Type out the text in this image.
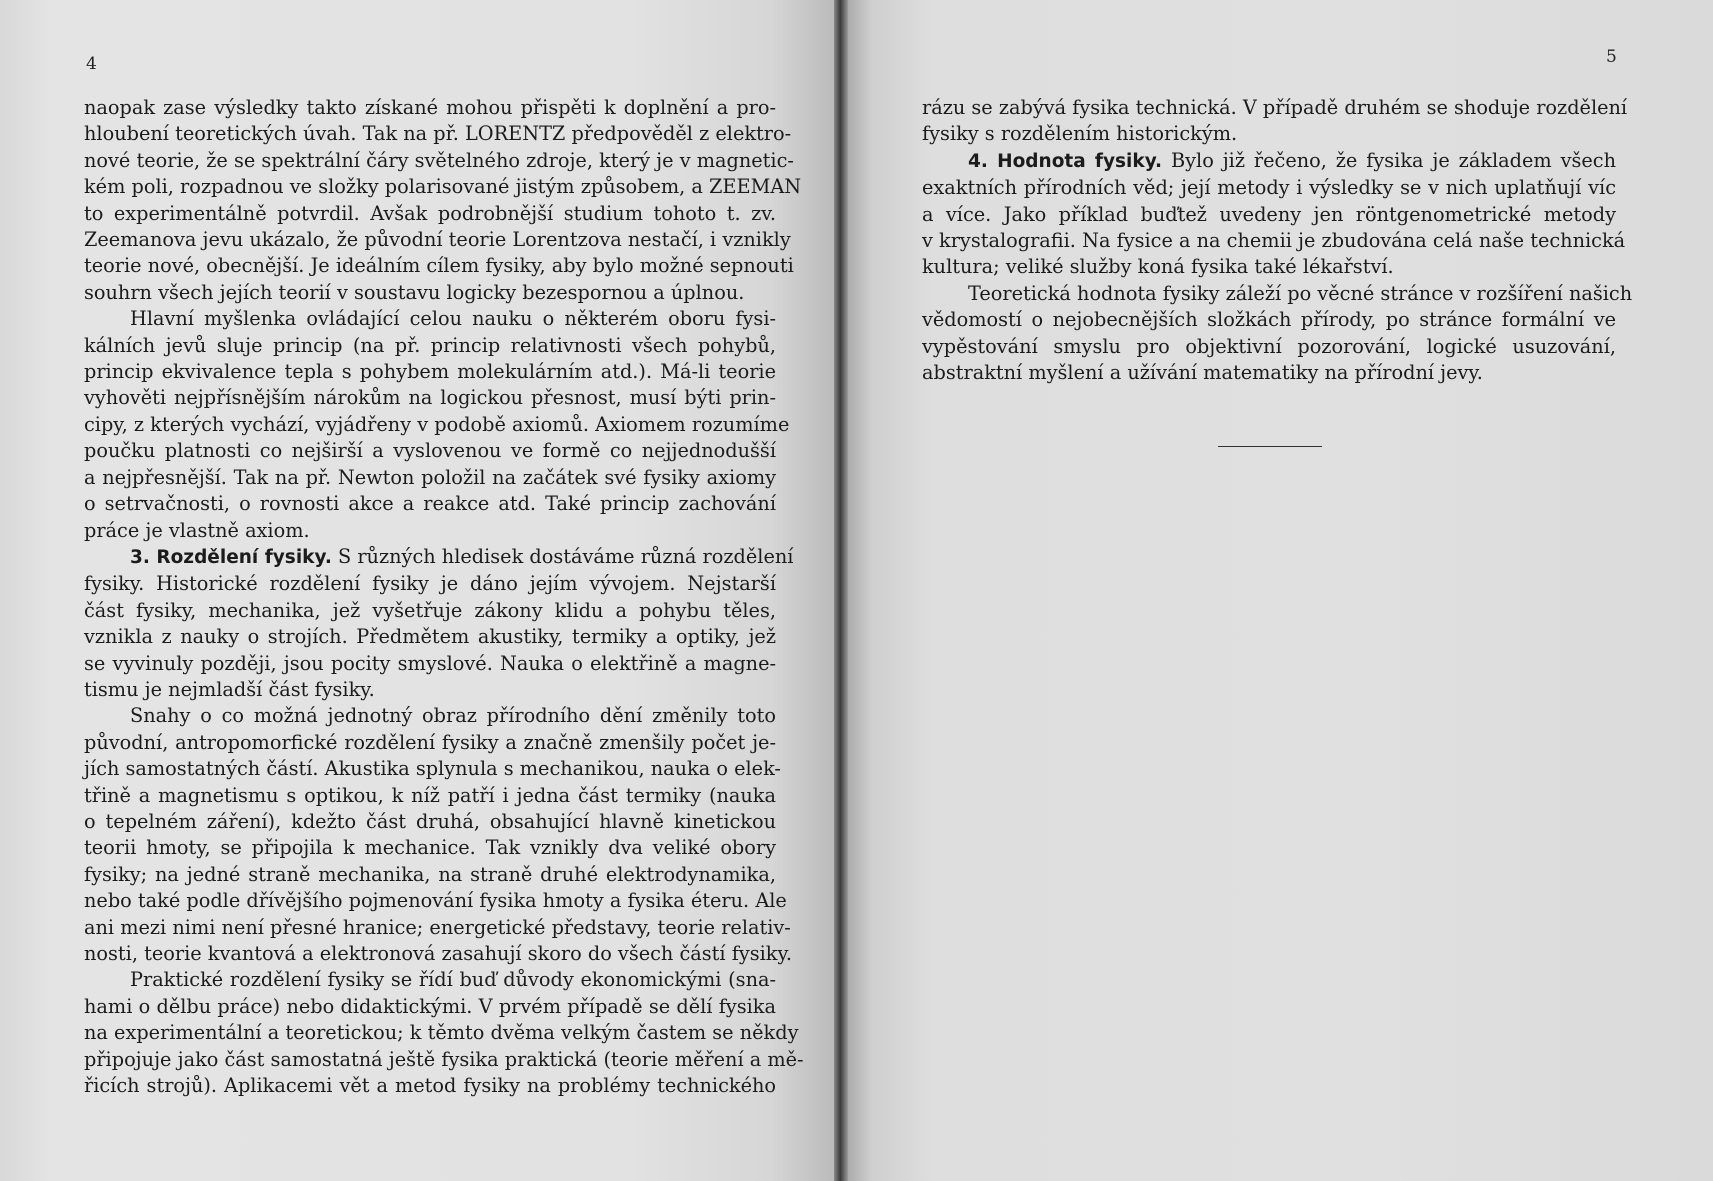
4	5
naopak zase výsledky takto získané mohou přispěti k doplnění a pro-
hloubení teoretických úvah. Tak na př. LORENTZ předpověděl z elektro-
nové teorie, že se spektrální čáry světelného zdroje, který je v magnetic-
kém poli, rozpadnou ve složky polarisované jistým způsobem, a ZEEMAN
to experimentálně potvrdil. Avšak podrobnější studium tohoto t. zv.
Zeemanova jevu ukázalo, že původní teorie Lorentzova nestačí, i vznikly
teorie nové, obecnější. Je ideálním cílem fysiky, aby bylo možné sepnouti
souhrn všech jejích teorií v soustavu logicky bezespornou a úplnou.
Hlavní myšlenka ovládající celou nauku o některém oboru fysi-
kálních jevů sluje princip (na př. princip relativnosti všech pohybů,
princip ekvivalence tepla s pohybem molekulárním atd.). Má-li teorie
vyhověti nejpřísnějším nárokům na logickou přesnost, musí býti prin-
cipy, z kterých vychází, vyjádřeny v podobě axiomů. Axiomem rozumíme
poučku platnosti co nejširší a vyslovenou ve formě co nejjednodušší
a nejpřesnější. Tak na př. Newton položil na začátek své fysiky axiomy
o setrvačnosti, o rovnosti akce a reakce atd. Také princip zachování
práce je vlastně axiom.
3. Rozdělení fysiky. S různých hledisek dostáváme různá rozdělení
fysiky. Historické rozdělení fysiky je dáno jejím vývojem. Nejstarší
část fysiky, mechanika, jež vyšetřuje zákony klidu a pohybu těles,
vznikla z nauky o strojích. Předmětem akustiky, termiky a optiky, jež
se vyvinuly později, jsou pocity smyslové. Nauka o elektřině a magne-
tismu je nejmladší část fysiky.
Snahy o co možná jednotný obraz přírodního dění změnily toto
původní, antropomorfické rozdělení fysiky a značně zmenšily počet je-
jích samostatných částí. Akustika splynula s mechanikou, nauka o elek-
třině a magnetismu s optikou, k níž patří i jedna část termiky (nauka
o tepelném záření), kdežto část druhá, obsahující hlavně kinetickou
teorii hmoty, se připojila k mechanice. Tak vznikly dva veliké obory
fysiky; na jedné straně mechanika, na straně druhé elektrodynamika,
nebo také podle dřívějšího pojmenování fysika hmoty a fysika éteru. Ale
ani mezi nimi není přesné hranice; energetické představy, teorie relativ-
nosti, teorie kvantová a elektronová zasahují skoro do všech částí fysiky.
Praktické rozdělení fysiky se řídí buď důvody ekonomickými (sna-
hami o dělbu práce) nebo didaktickými. V prvém případě se dělí fysika
na experimentální a teoretickou; k těmto dvěma velkým častem se někdy
připojuje jako část samostatná ještě fysika praktická (teorie měření a mě-
řicích strojů). Aplikacemi vět a metod fysiky na problémy technického
rázu se zabývá fysika technická. V případě druhém se shoduje rozdělení
fysiky s rozdělením historickým.
4. Hodnota fysiky. Bylo již řečeno, že fysika je základem všech
exaktních přírodních věd; její metody i výsledky se v nich uplatňují víc
a více. Jako příklad buďtež uvedeny jen röntgenometrické metody
v krystalografii. Na fysice a na chemii je zbudována celá naše technická
kultura; veliké služby koná fysika také lékařství.
Teoretická hodnota fysiky záleží po věcné stránce v rozšíření našich
vědomostí o nejobecnějších složkách přírody, po stránce formální ve
vypěstování smyslu pro objektivní pozorování, logické usuzování,
abstraktní myšlení a užívání matematiky na přírodní jevy.
